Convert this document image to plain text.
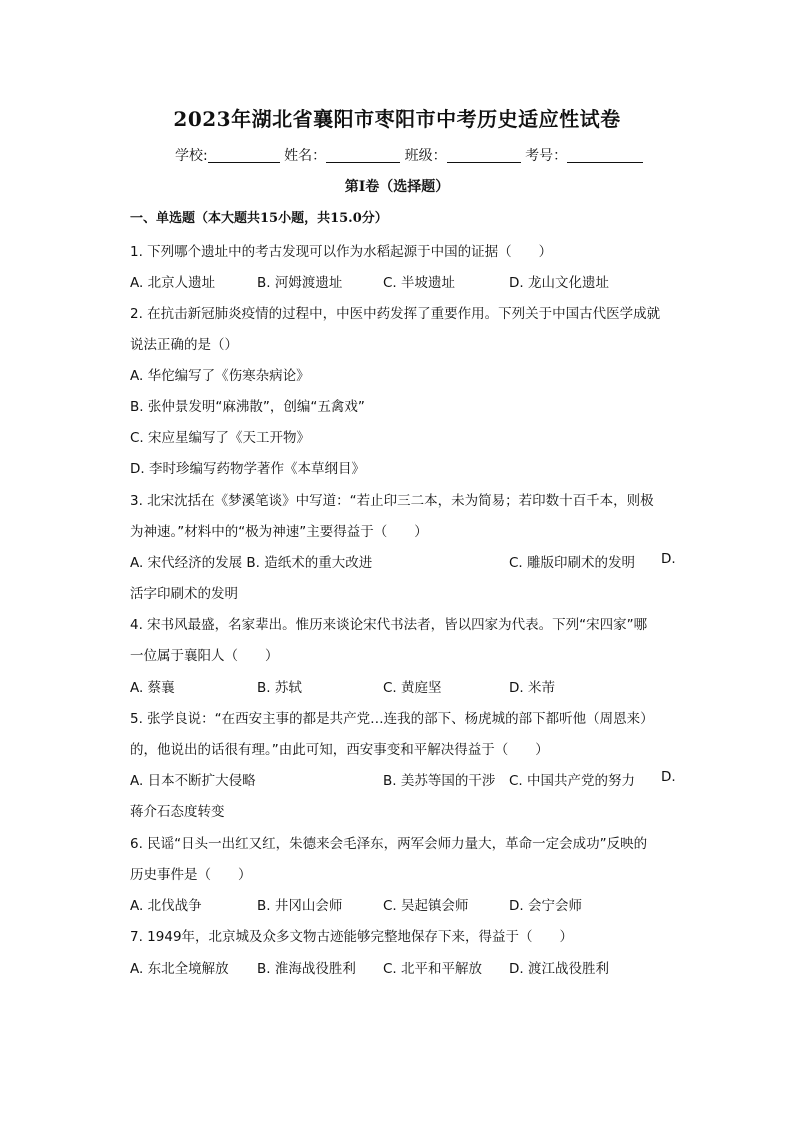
2023年湖北省襄阳市枣阳市中考历史适应性试卷
学校:	姓名：	班级：	考号：
第Ⅰ卷（选择题）
一、单选题（本大题共15小题，共15.0分）
1. 下列哪个遗址中的考古发现可以作为水稻起源于中国的证据（　　）
A. 北京人遗址	B. 河姆渡遗址	C. 半坡遗址	D. 龙山文化遗址
2. 在抗击新冠肺炎疫情的过程中，中医中药发挥了重要作用。下列关于中国古代医学成就
说法正确的是（）
A. 华佗编写了《伤寒杂病论》
B. 张仲景发明“麻沸散”，创编“五禽戏”
C. 宋应星编写了《天工开物》
D. 李时珍编写药物学著作《本草纲目》
3. 北宋沈括在《梦溪笔谈》中写道：“若止印三二本，未为简易；若印数十百千本，则极
为神速。”材料中的“极为神速”主要得益于（　　）
A. 宋代经济的发展 B. 造纸术的重大改进	C. 雕版印刷术的发明 D.
活字印刷术的发明
4. 宋书风最盛，名家辈出。惟历来谈论宋代书法者，皆以四家为代表。下列“宋四家”哪
一位属于襄阳人（　　）
A. 蔡襄	B. 苏轼	C. 黄庭坚	D. 米芾
5. 张学良说：“在西安主事的都是共产党…连我的部下、杨虎城的部下都听他（周恩来）
的，他说出的话很有理。”由此可知，西安事变和平解决得益于（　　）
A. 日本不断扩大侵略	B. 美苏等国的干涉 C. 中国共产党的努力 D.
蒋介石态度转变
6. 民谣“日头一出红又红，朱德来会毛泽东，两军会师力量大，革命一定会成功”反映的
历史事件是（　　）
A. 北伐战争	B. 井冈山会师	C. 吴起镇会师	D. 会宁会师
7. 1949年，北京城及众多文物古迹能够完整地保存下来，得益于（　　）
A. 东北全境解放 B. 淮海战役胜利 C. 北平和平解放 D. 渡江战役胜利
